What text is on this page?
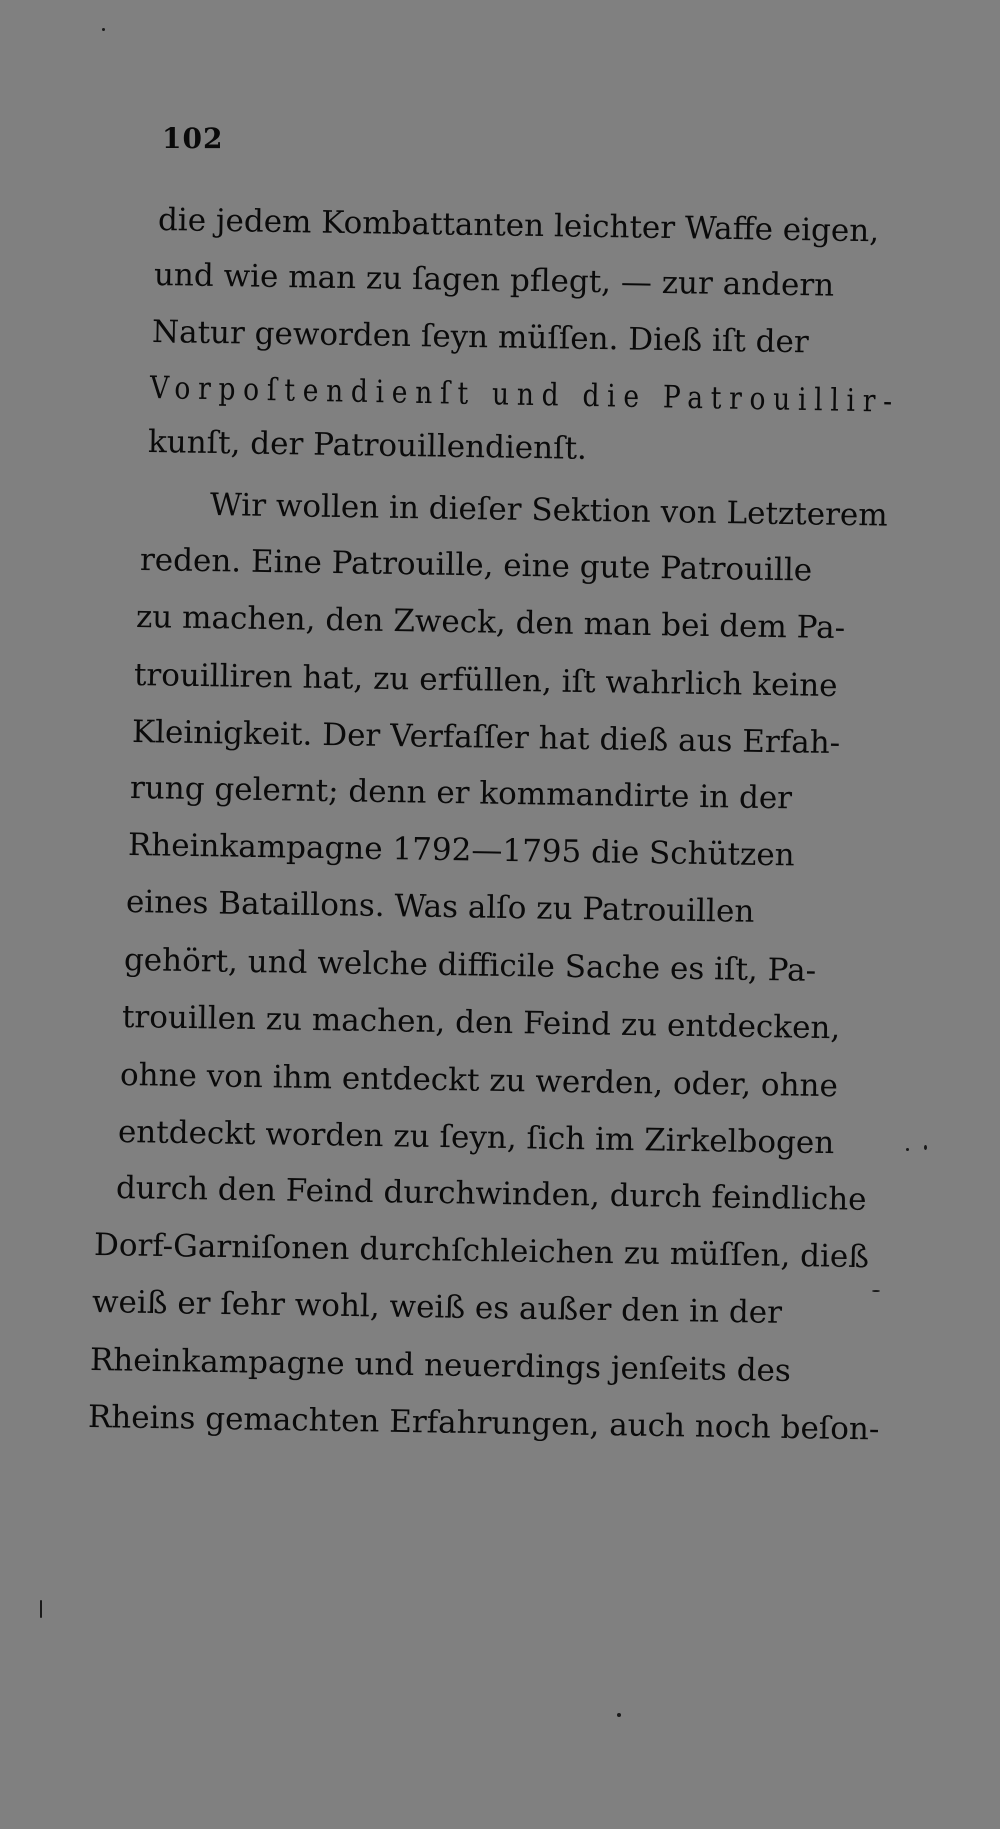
102
die jedem Kombattanten leichter Waffe eigen,
und wie man zu ſagen pflegt, — zur andern
Natur geworden ſeyn müſſen. Dieß iſt der
Vorpoſtendienſt und die Patrouillir-
kunſt, der Patrouillendienſt.
Wir wollen in dieſer Sektion von Letzterem
reden. Eine Patrouille, eine gute Patrouille
zu machen, den Zweck, den man bei dem Pa-
trouilliren hat, zu erfüllen, iſt wahrlich keine
Kleinigkeit. Der Verfaſſer hat dieß aus Erfah-
rung gelernt; denn er kommandirte in der
Rheinkampagne 1792—1795 die Schützen
eines Bataillons. Was alſo zu Patrouillen
gehört, und welche difficile Sache es iſt, Pa-
trouillen zu machen, den Feind zu entdecken,
ohne von ihm entdeckt zu werden, oder, ohne
entdeckt worden zu ſeyn, ſich im Zirkelbogen
durch den Feind durchwinden, durch feindliche
Dorf-Garniſonen durchſchleichen zu müſſen, dieß
weiß er ſehr wohl, weiß es außer den in der
Rheinkampagne und neuerdings jenſeits des
Rheins gemachten Erfahrungen, auch noch beſon-
